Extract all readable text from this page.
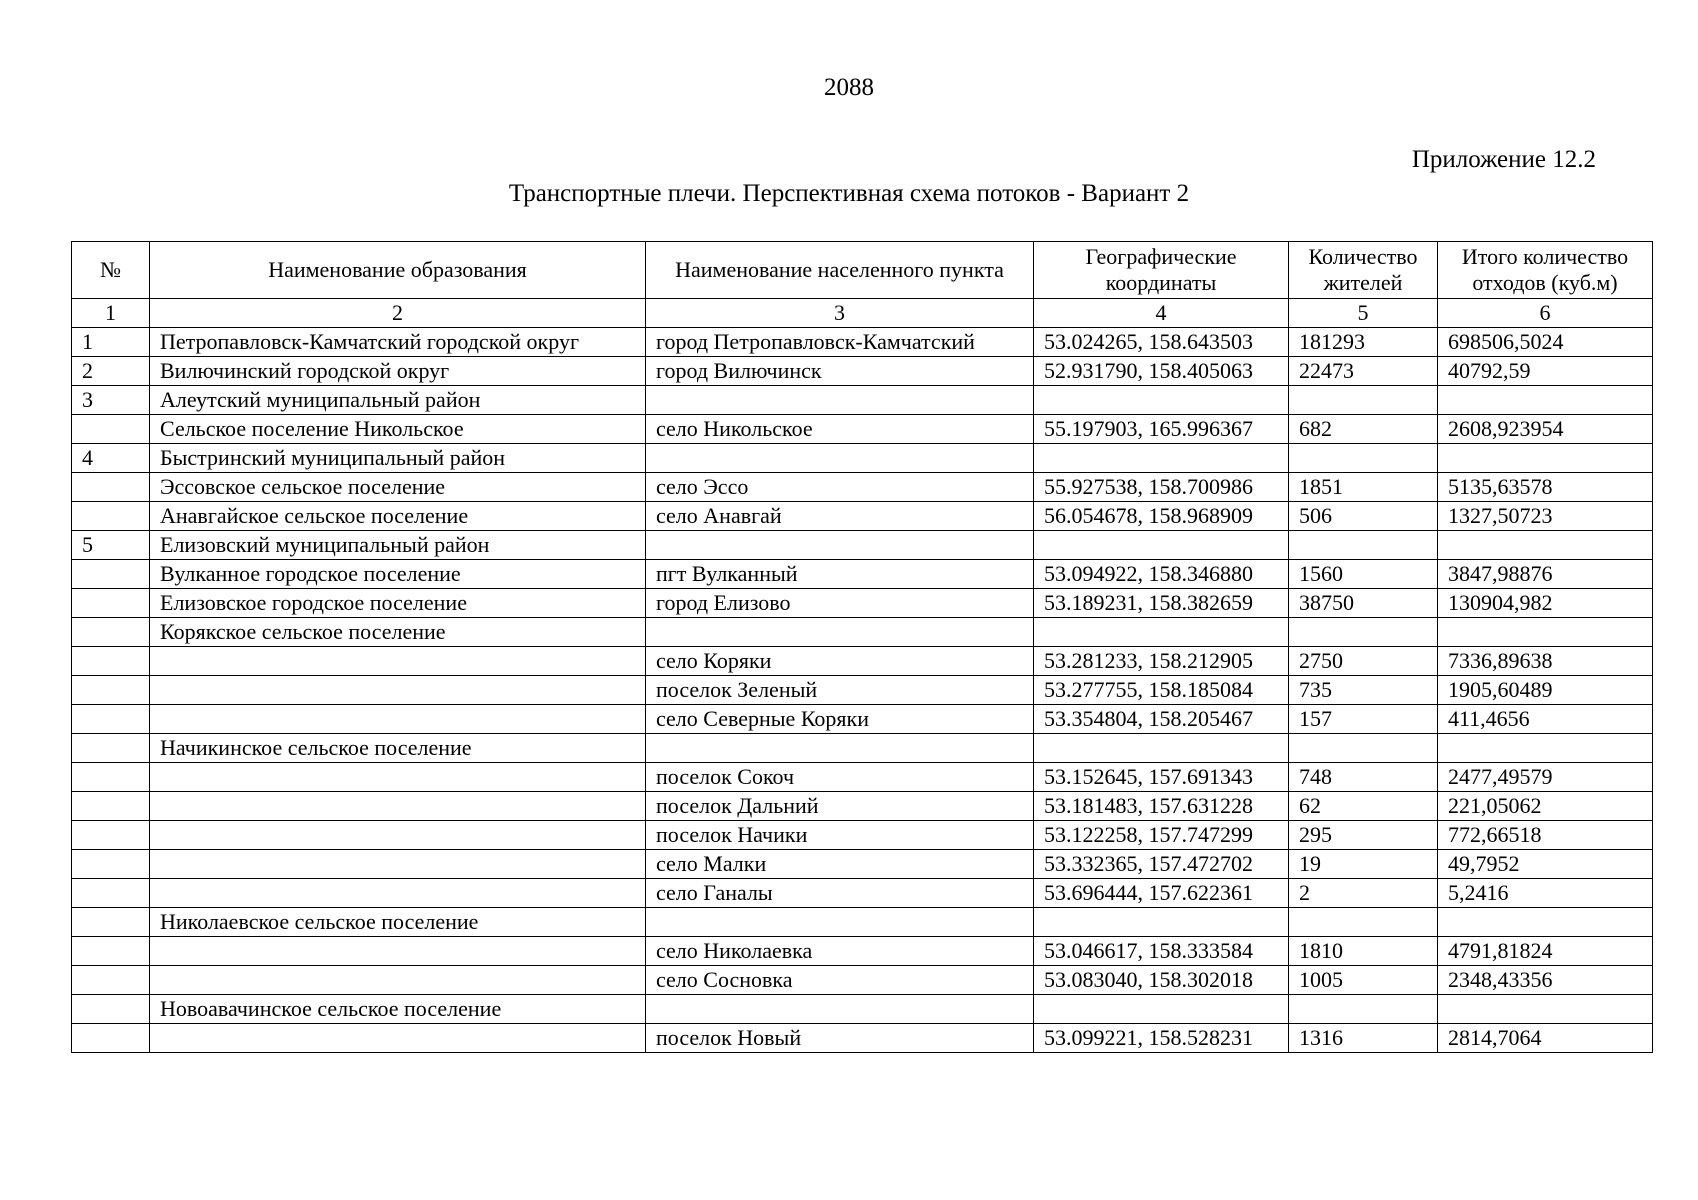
2088
Приложение 12.2
Транспортные плечи. Перспективная схема потоков - Вариант 2
№	Наименование образования	Наименование населенного пункта	Географические координаты	Количество жителей	Итого количество отходов (куб.м)
1	2	3	4	5	6
1	Петропавловск-Камчатский городской округ	город Петропавловск-Камчатский	53.024265, 158.643503	181293	698506,5024
2	Вилючинский городской округ	город Вилючинск	52.931790, 158.405063	22473	40792,59
3	Алеутский муниципальный район				
	Сельское поселение Никольское	село Никольское	55.197903, 165.996367	682	2608,923954
4	Быстринский муниципальный район				
	Эссовское сельское поселение	село Эссо	55.927538, 158.700986	1851	5135,63578
	Анавгайское сельское поселение	село Анавгай	56.054678, 158.968909	506	1327,50723
5	Елизовский муниципальный район				
	Вулканное городское поселение	пгт Вулканный	53.094922, 158.346880	1560	3847,98876
	Елизовское городское поселение	город Елизово	53.189231, 158.382659	38750	130904,982
	Корякское сельское поселение				
		село Коряки	53.281233, 158.212905	2750	7336,89638
		поселок Зеленый	53.277755, 158.185084	735	1905,60489
		село Северные Коряки	53.354804, 158.205467	157	411,4656
	Начикинское сельское поселение				
		поселок Сокоч	53.152645, 157.691343	748	2477,49579
		поселок Дальний	53.181483, 157.631228	62	221,05062
		поселок Начики	53.122258, 157.747299	295	772,66518
		село Малки	53.332365, 157.472702	19	49,7952
		село Ганалы	53.696444, 157.622361	2	5,2416
	Николаевское сельское поселение				
		село Николаевка	53.046617, 158.333584	1810	4791,81824
		село Сосновка	53.083040, 158.302018	1005	2348,43356
	Новоавачинское сельское поселение				
		поселок Новый	53.099221, 158.528231	1316	2814,7064
